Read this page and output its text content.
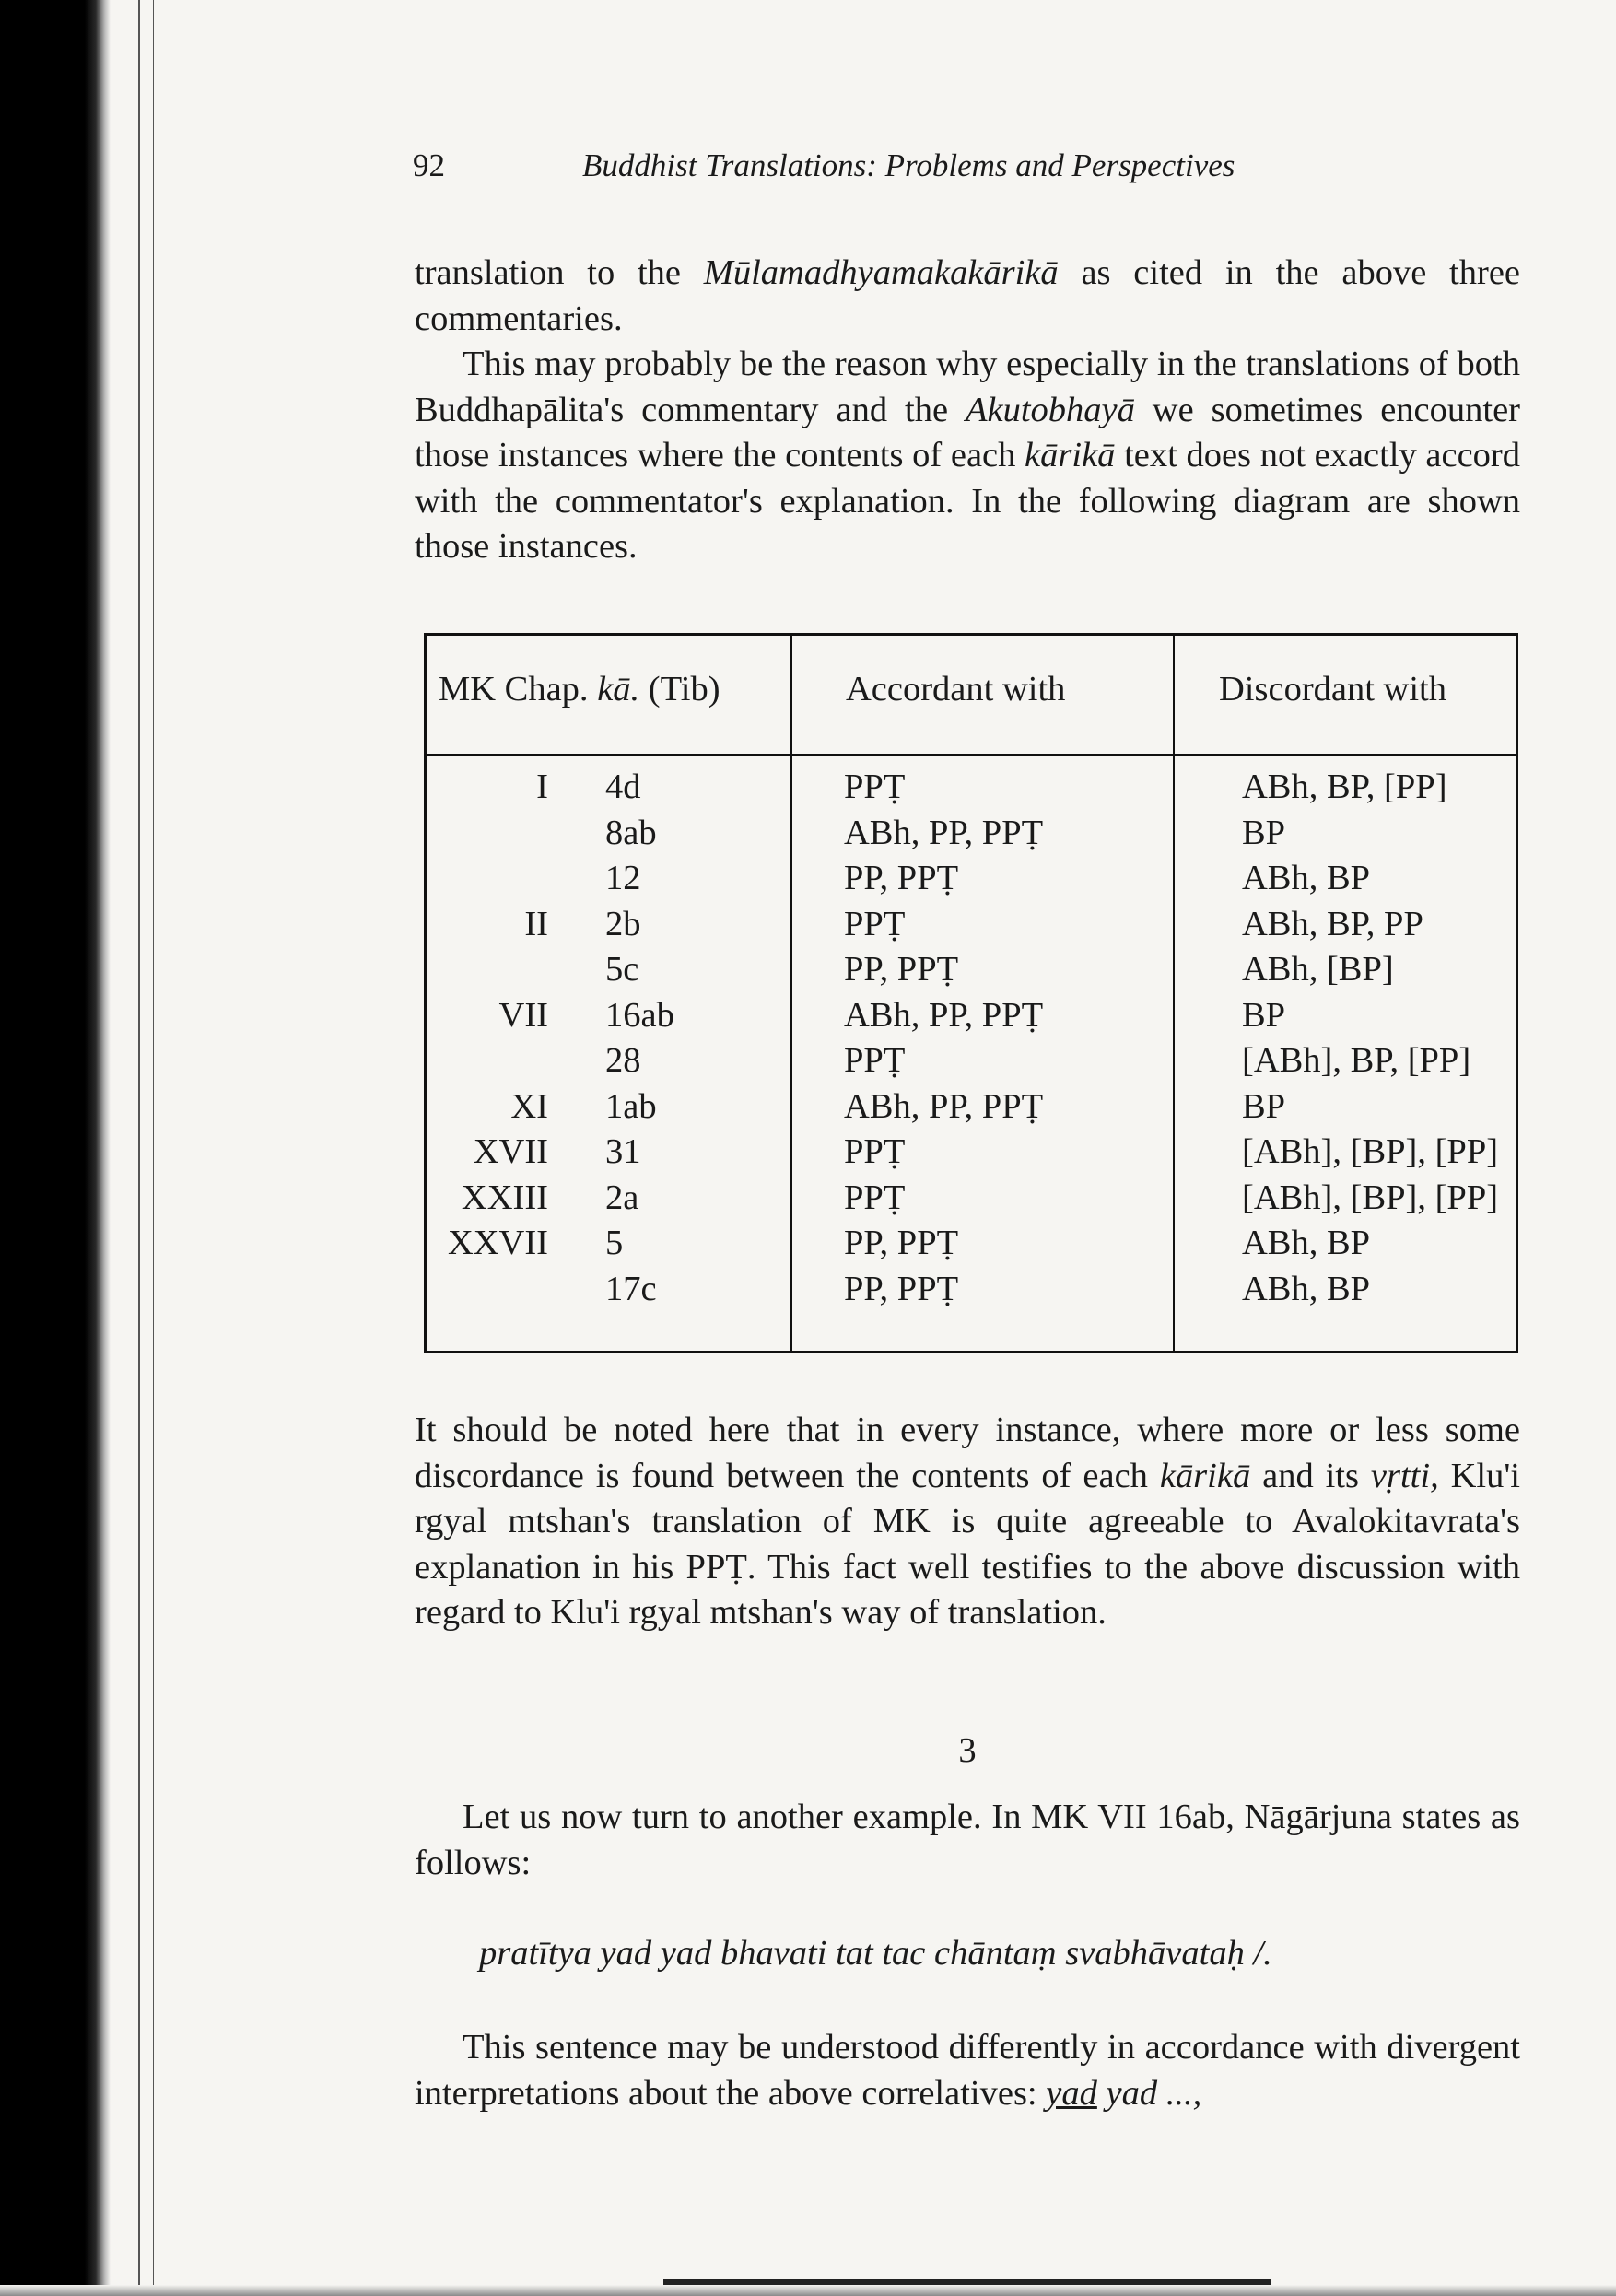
92	Buddhist Translations: Problems and Perspectives

translation to the Mūlamadhyamakakārikā as cited in the above three commentaries.

This may probably be the reason why especially in the translations of both Buddhapālita's commentary and the Akutobhayā we sometimes encounter those instances where the contents of each kārikā text does not exactly accord with the commentator's explanation. In the following diagram are shown those instances.

MK Chap. kā. (Tib)	Accordant with	Discordant with
I 4d	PPṬ	ABh, BP, [PP]
8ab	ABh, PP, PPṬ	BP
12	PP, PPṬ	ABh, BP
II 2b	PPṬ	ABh, BP, PP
5c	PP, PPṬ	ABh, [BP]
VII 16ab	ABh, PP, PPṬ	BP
28	PPṬ	[ABh], BP, [PP]
XI 1ab	ABh, PP, PPṬ	BP
XVII 31	PPṬ	[ABh], [BP], [PP]
XXIII 2a	PPṬ	[ABh], [BP], [PP]
XXVII 5	PP, PPṬ	ABh, BP
17c	PP, PPṬ	ABh, BP

It should be noted here that in every instance, where more or less some discordance is found between the contents of each kārikā and its vṛtti, Klu'i rgyal mtshan's translation of MK is quite agreeable to Avalokitavrata's explanation in his PPṬ. This fact well testifies to the above discussion with regard to Klu'i rgyal mtshan's way of translation.

3

Let us now turn to another example. In MK VII 16ab, Nāgārjuna states as follows:

pratītya yad yad bhavati tat tac chāntaṃ svabhāvataḥ /.

This sentence may be understood differently in accordance with divergent interpretations about the above correlatives: yad yad ...,
